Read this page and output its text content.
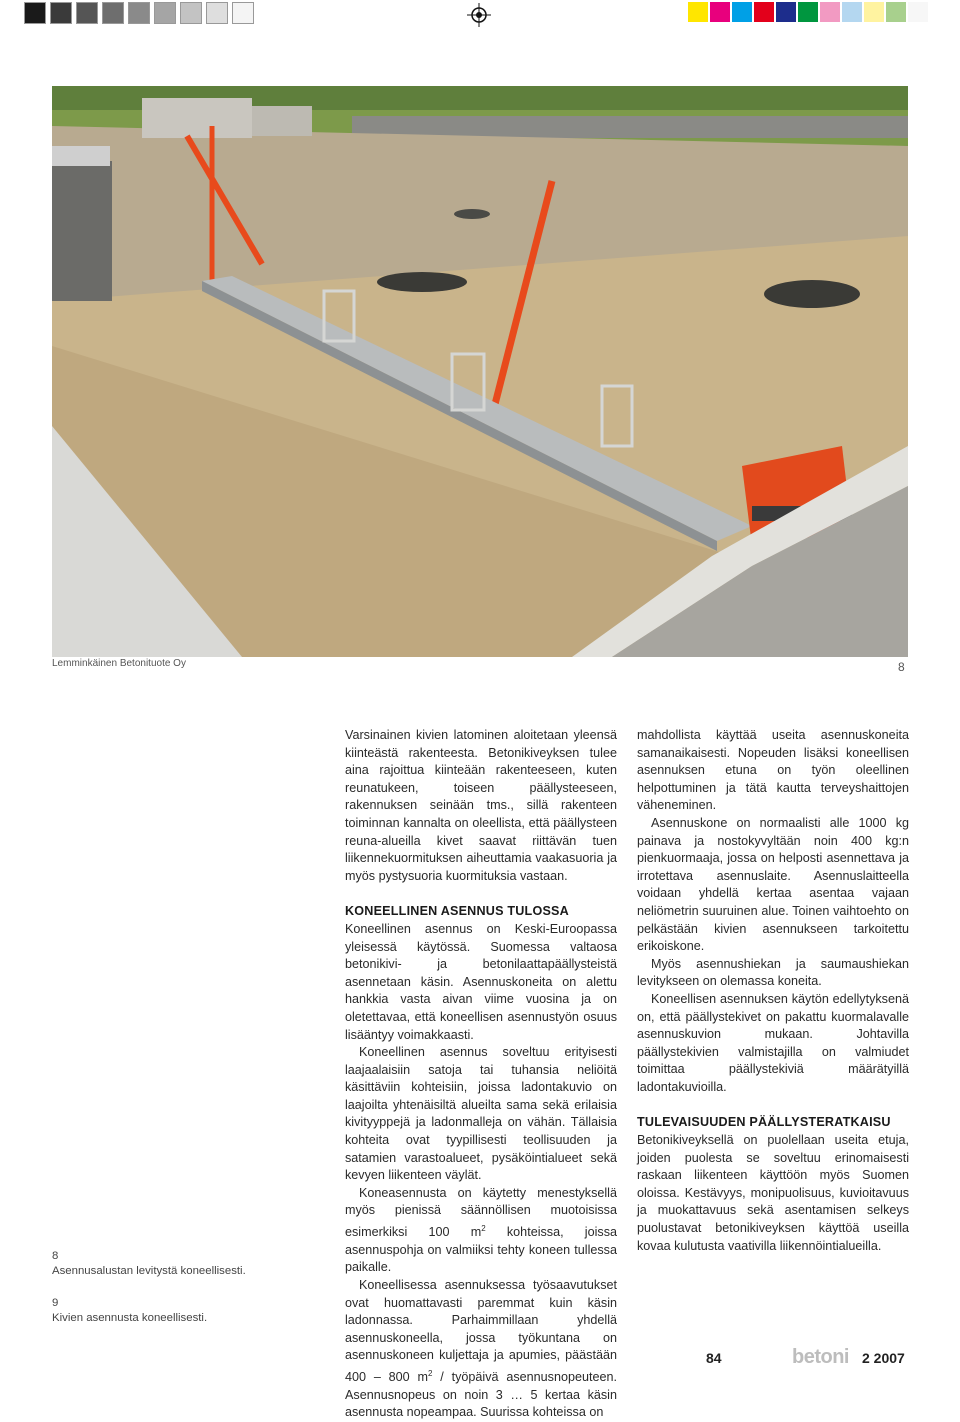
Lemminkäinen Betonituote Oy	8

Varsinainen kivien latominen aloitetaan yleensä kiinteästä rakenteesta. Betonikiveyksen tulee aina rajoittua kiinteään rakenteeseen, kuten reunatukeen, toiseen päällysteeseen, rakennuksen seinään tms., sillä rakenteen toiminnan kannalta on oleellista, että päällysteen reuna-alueilla kivet saavat riittävän tuen liikennekuormituksen aiheuttamia vaakasuoria ja myös pystysuoria kuormituksia vastaan.

KONEELLINEN ASENNUS TULOSSA

Koneellinen asennus on Keski-Euroopassa yleisessä käytössä. Suomessa valtaosa betonikivi- ja betonilaattapäällysteistä asennetaan käsin. Asennuskoneita on alettu hankkia vasta aivan viime vuosina ja on oletettavaa, että koneellisen asennustyön osuus lisääntyy voimakkaasti.

Koneellinen asennus soveltuu erityisesti laajaalaisiin satoja tai tuhansia neliöitä käsittäviin kohteisiin, joissa ladontakuvio on laajoilta yhtenäisiltä alueilta sama sekä erilaisia kivityyppejä ja ladonmalleja on vähän. Tällaisia kohteita ovat tyypillisesti teollisuuden ja satamien varastoalueet, pysäköintialueet sekä kevyen liikenteen väylät.

Koneasennusta on käytetty menestyksellä myös pienissä säännöllisen muotoisissa esimerkiksi 100 $m^2$ kohteissa, joissa asennuspohja on valmiiksi tehty koneen tullessa paikalle.

Koneellisessa asennuksessa työsaavutukset ovat huomattavasti paremmat kuin käsin ladonnassa. Parhaimmillaan yhdellä asennuskoneella, jossa työkuntana on asennuskoneen kuljettaja ja apumies, päästään 400 – 800 $m^2$ / työpäivä asennusnopeuteen. Asennusnopeus on noin 3 … 5 kertaa käsin asennusta nopeampaa. Suurissa kohteissa on

mahdollista käyttää useita asennuskoneita samanaikaisesti. Nopeuden lisäksi koneellisen asennuksen etuna on työn oleellinen helpottuminen ja tätä kautta terveyshaittojen väheneminen.

Asennuskone on normaalisti alle 1000 kg painava ja nostokyvyltään noin 400 kg:n pienkuormaaja, jossa on helposti asennettava ja irrotettava asennuslaite. Asennuslaitteella voidaan yhdellä kertaa asentaa vajaan neliömetrin suuruinen alue. Toinen vaihtoehto on pelkästään kivien asennukseen tarkoitettu erikoiskone.

Myös asennushiekan ja saumaushiekan levitykseen on olemassa koneita.

Koneellisen asennuksen käytön edellytyksenä on, että päällystekivet on pakattu kuormalavalle asennuskuvion mukaan. Johtavilla päällystekivien valmistajilla on valmiudet toimittaa päällystekiviä määrätyillä ladontakuvioilla.

TULEVAISUUDEN PÄÄLLYSTERATKAISU

Betonikiveyksellä on puolellaan useita etuja, joiden puolesta se soveltuu erinomaisesti raskaan liikenteen käyttöön myös Suomen oloissa. Kestävyys, monipuolisuus, kuvioitavuus ja muokattavuus sekä asentamisen selkeys puolustavat betonikiveyksen käyttöä useilla kovaa kulutusta vaativilla liikennöintialueilla.

8
Asennusalustan levitystä koneellisesti.
9
Kivien asennusta koneellisesti.
84	betoni 2 2007
